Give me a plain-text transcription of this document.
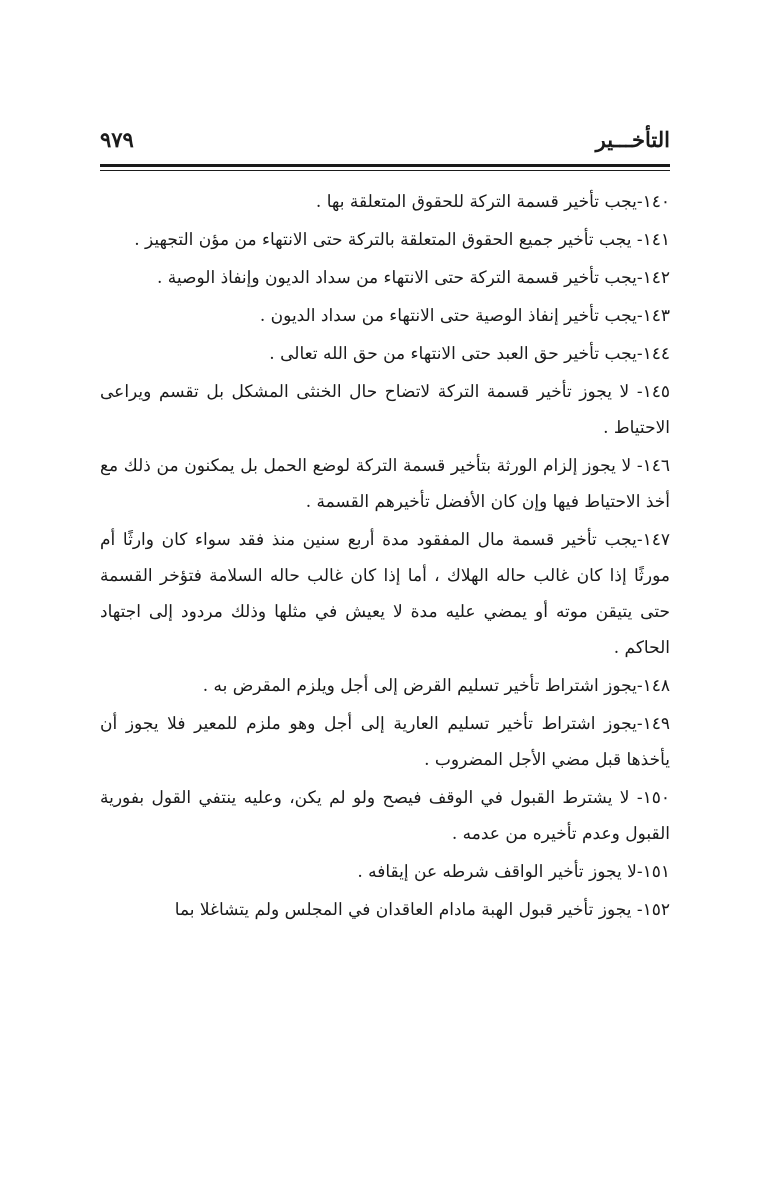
التأخـــير
٩٧٩
١٤٠-يجب تأخير قسمة التركة للحقوق المتعلقة بها .
١٤١- يجب تأخير جميع الحقوق المتعلقة بالتركة حتى الانتهاء من مؤن التجهيز .
١٤٢-يجب تأخير قسمة التركة حتى الانتهاء من سداد الديون وإنفاذ الوصية .
١٤٣-يجب تأخير إنفاذ الوصية حتى الانتهاء من سداد الديون .
١٤٤-يجب تأخير حق العبد حتى الانتهاء من حق الله تعالى .
١٤٥- لا يجوز تأخير قسمة التركة لاتضاح حال الخنثى المشكل بل تقسم ويراعى الاحتياط .
١٤٦- لا يجوز إلزام الورثة بتأخير قسمة التركة لوضع الحمل بل يمكنون من ذلك مع أخذ الاحتياط فيها وإن كان الأفضل تأخيرهم القسمة .
١٤٧-يجب تأخير قسمة مال المفقود مدة أربع سنين منذ فقد سواء كان وارثًا أم مورثًا إذا كان غالب حاله الهلاك ، أما إذا كان غالب حاله السلامة فتؤخر القسمة حتى يتيقن موته أو يمضي عليه مدة لا يعيش في مثلها وذلك مردود إلى اجتهاد الحاكم .
١٤٨-يجوز اشتراط تأخير تسليم القرض إلى أجل ويلزم المقرض به .
١٤٩-يجوز اشتراط تأخير تسليم العارية إلى أجل وهو ملزم للمعير فلا يجوز أن يأخذها قبل مضي الأجل المضروب .
١٥٠- لا يشترط القبول في الوقف فيصح ولو لم يكن، وعليه ينتفي القول بفورية القبول وعدم تأخيره من عدمه .
١٥١-لا يجوز تأخير الواقف شرطه عن إيقافه .
١٥٢- يجوز تأخير قبول الهبة مادام العاقدان في المجلس ولم يتشاغلا بما
